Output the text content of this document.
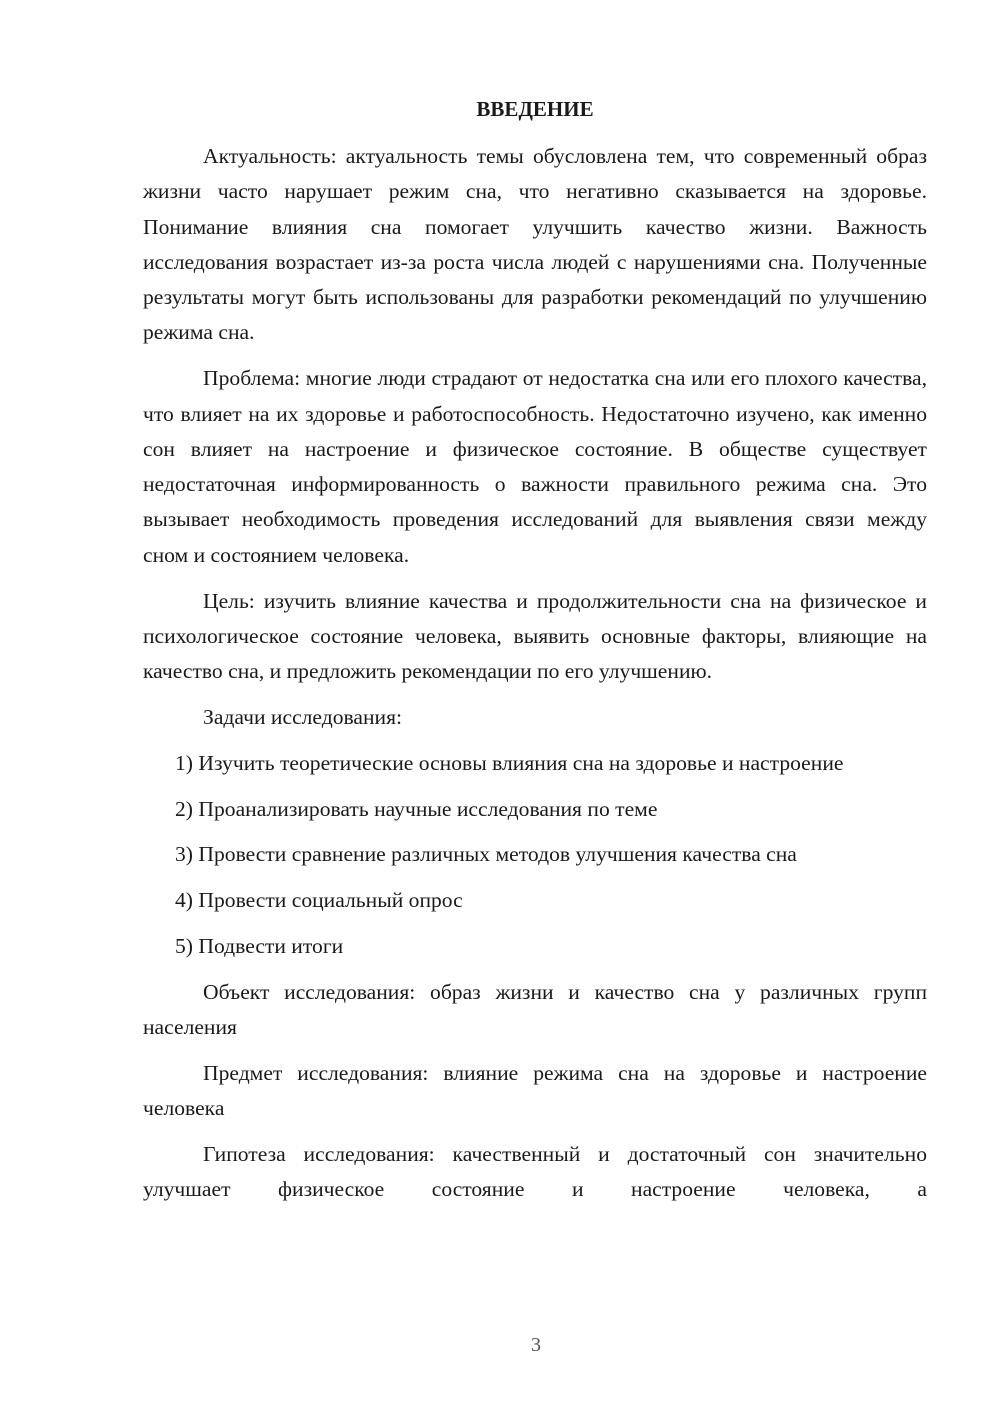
ВВЕДЕНИЕ

Актуальность: актуальность темы обусловлена тем, что современный образ жизни часто нарушает режим сна, что негативно сказывается на здоровье. Понимание влияния сна помогает улучшить качество жизни. Важность исследования возрастает из-за роста числа людей с нарушениями сна. Полученные результаты могут быть использованы для разработки рекомендаций по улучшению режима сна.

Проблема: многие люди страдают от недостатка сна или его плохого качества, что влияет на их здоровье и работоспособность. Недостаточно изучено, как именно сон влияет на настроение и физическое состояние. В обществе существует недостаточная информированность о важности правильного режима сна. Это вызывает необходимость проведения исследований для выявления связи между сном и состоянием человека.

Цель: изучить влияние качества и продолжительности сна на физическое и психологическое состояние человека, выявить основные факторы, влияющие на качество сна, и предложить рекомендации по его улучшению.

Задачи исследования:

1) Изучить теоретические основы влияния сна на здоровье и настроение

2) Проанализировать научные исследования по теме

3) Провести сравнение различных методов улучшения качества сна

4) Провести социальный опрос

5) Подвести итоги

Объект исследования: образ жизни и качество сна у различных групп населения

Предмет исследования: влияние режима сна на здоровье и настроение человека

Гипотеза исследования: качественный и достаточный сон значительно улучшает физическое состояние и настроение человека, а

3
